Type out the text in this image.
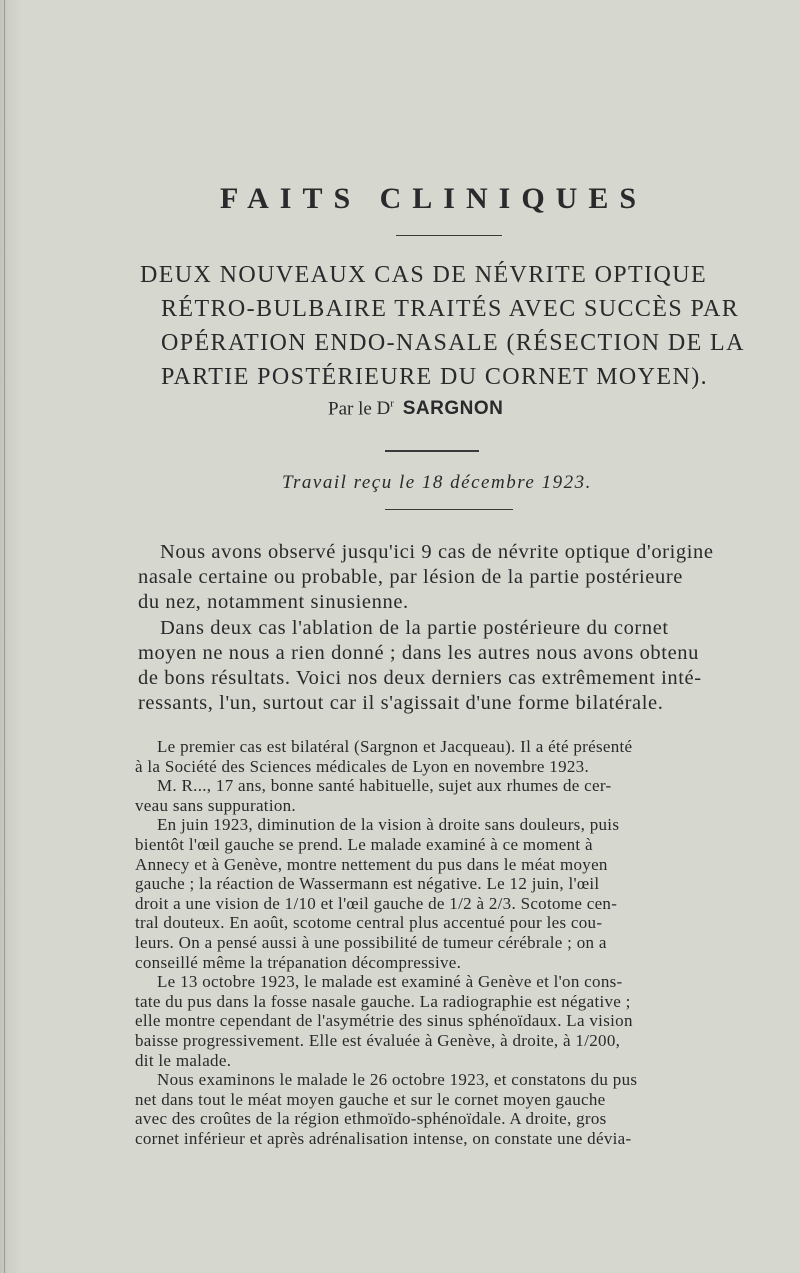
FAITS CLINIQUES
DEUX NOUVEAUX CAS DE NÉVRITE OPTIQUE
RÉTRO-BULBAIRE TRAITÉS AVEC SUCCÈS PAR
OPÉRATION ENDO-NASALE (RÉSECTION DE LA
PARTIE POSTÉRIEURE DU CORNET MOYEN).
Par le $D^r$ SARGNON
Travail reçu le 18 décembre 1923.

Nous avons observé jusqu'ici 9 cas de névrite optique d'origine

nasale certaine ou probable, par lésion de la partie postérieure

du nez, notamment sinusienne.

Dans deux cas l'ablation de la partie postérieure du cornet

moyen ne nous a rien donné ; dans les autres nous avons obtenu

de bons résultats. Voici nos deux derniers cas extrêmement inté-

ressants, l'un, surtout car il s'agissait d'une forme bilatérale.

Le premier cas est bilatéral (Sargnon et Jacqueau). Il a été présenté

à la Société des Sciences médicales de Lyon en novembre 1923.

M. R..., 17 ans, bonne santé habituelle, sujet aux rhumes de cer-

veau sans suppuration.

En juin 1923, diminution de la vision à droite sans douleurs, puis

bientôt l'œil gauche se prend. Le malade examiné à ce moment à

Annecy et à Genève, montre nettement du pus dans le méat moyen

gauche ; la réaction de Wassermann est négative. Le 12 juin, l'œil

droit a une vision de 1/10 et l'œil gauche de 1/2 à 2/3. Scotome cen-

tral douteux. En août, scotome central plus accentué pour les cou-

leurs. On a pensé aussi à une possibilité de tumeur cérébrale ; on a

conseillé même la trépanation décompressive.

Le 13 octobre 1923, le malade est examiné à Genève et l'on cons-

tate du pus dans la fosse nasale gauche. La radiographie est négative ;

elle montre cependant de l'asymétrie des sinus sphénoïdaux. La vision

baisse progressivement. Elle est évaluée à Genève, à droite, à 1/200,

dit le malade.

Nous examinons le malade le 26 octobre 1923, et constatons du pus

net dans tout le méat moyen gauche et sur le cornet moyen gauche

avec des croûtes de la région ethmoïdo-sphénoïdale. A droite, gros

cornet inférieur et après adrénalisation intense, on constate une dévia-
